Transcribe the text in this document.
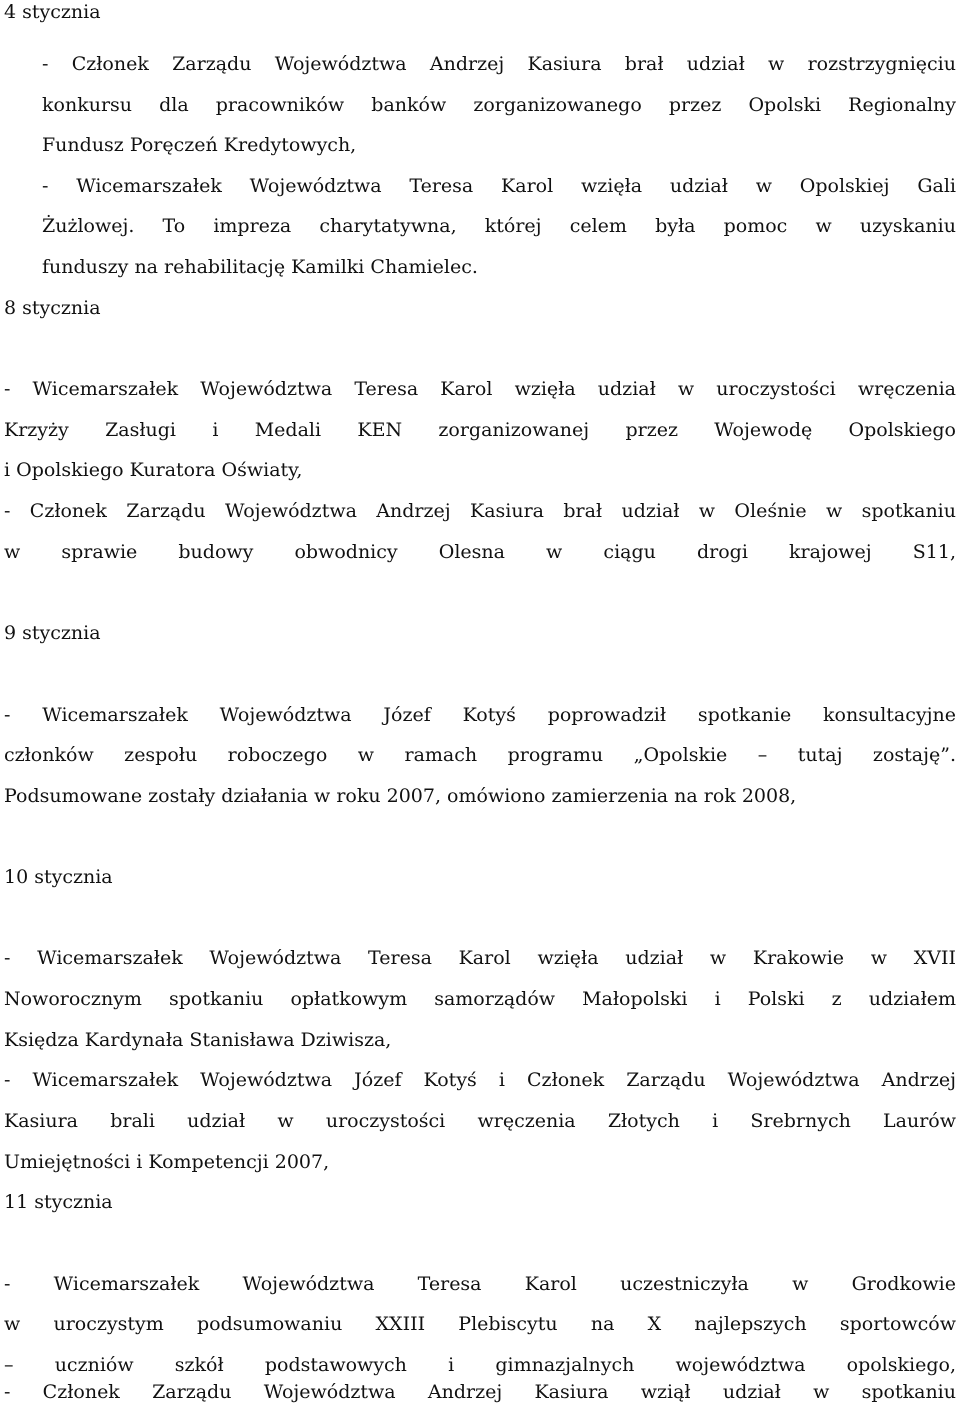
4 stycznia
- Członek Zarządu Województwa Andrzej Kasiura brał udział w rozstrzygnięciu
konkursu dla pracowników banków zorganizowanego przez Opolski Regionalny
Fundusz Poręczeń Kredytowych,
- Wicemarszałek Województwa Teresa Karol wzięła udział w Opolskiej Gali
Żużlowej. To impreza charytatywna, której celem była pomoc w uzyskaniu
funduszy na rehabilitację Kamilki Chamielec.
8 stycznia
- Wicemarszałek Województwa Teresa Karol wzięła udział w uroczystości wręczenia
Krzyży Zasługi i Medali KEN zorganizowanej przez Wojewodę Opolskiego
i Opolskiego Kuratora Oświaty,
- Członek Zarządu Województwa Andrzej Kasiura brał udział w Oleśnie w spotkaniu
w sprawie budowy obwodnicy Olesna w ciągu drogi krajowej S11,
9 stycznia
- Wicemarszałek Województwa Józef Kotyś poprowadził spotkanie konsultacyjne
członków zespołu roboczego w ramach programu „Opolskie – tutaj zostaję”.
Podsumowane zostały działania w roku 2007, omówiono zamierzenia na rok 2008,
10 stycznia
- Wicemarszałek Województwa Teresa Karol wzięła udział w Krakowie w XVII
Noworocznym spotkaniu opłatkowym samorządów Małopolski i Polski z udziałem
Księdza Kardynała Stanisława Dziwisza,
- Wicemarszałek Województwa Józef Kotyś i Członek Zarządu Województwa Andrzej
Kasiura brali udział w uroczystości wręczenia Złotych i Srebrnych Laurów
Umiejętności i Kompetencji 2007,
11 stycznia
- Wicemarszałek Województwa Teresa Karol uczestniczyła w Grodkowie
w uroczystym podsumowaniu XXIII Plebiscytu na X najlepszych sportowców
– uczniów szkół podstawowych i gimnazjalnych województwa opolskiego,
- Członek Zarządu Województwa Andrzej Kasiura wziął udział w spotkaniu
